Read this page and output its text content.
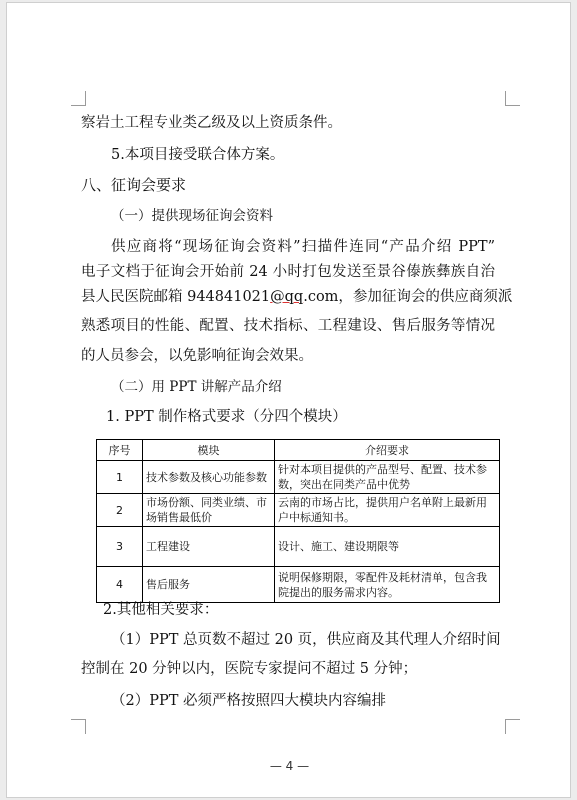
察岩土工程专业类乙级及以上资质条件。
5.本项目接受联合体方案。
八、征询会要求
（一）提供现场征询会资料
供应商将“现场征询会资料”扫描件连同“产品介绍 PPT”
电子文档于征询会开始前 24 小时打包发送至景谷傣族彝族自治
县人民医院邮箱 944841021@qq.com，参加征询会的供应商须派
熟悉项目的性能、配置、技术指标、工程建设、售后服务等情况
的人员参会，以免影响征询会效果。
（二）用 PPT 讲解产品介绍
1. PPT 制作格式要求（分四个模块）
序号	模块	介绍要求
1	技术参数及核心功能参数	针对本项目提供的产品型号、配置、技术参数，突出在同类产品中优势
2	市场份额、同类业绩、市场销售最低价	云南的市场占比，提供用户名单附上最新用户中标通知书。
3	工程建设	设计、施工、建设期限等
4	售后服务	说明保修期限，零配件及耗材清单，包含我院提出的服务需求内容。
2.其他相关要求：
（1）PPT 总页数不超过 20 页，供应商及其代理人介绍时间
控制在 20 分钟以内，医院专家提问不超过 5 分钟；
（2）PPT 必须严格按照四大模块内容编排
— 4 —
